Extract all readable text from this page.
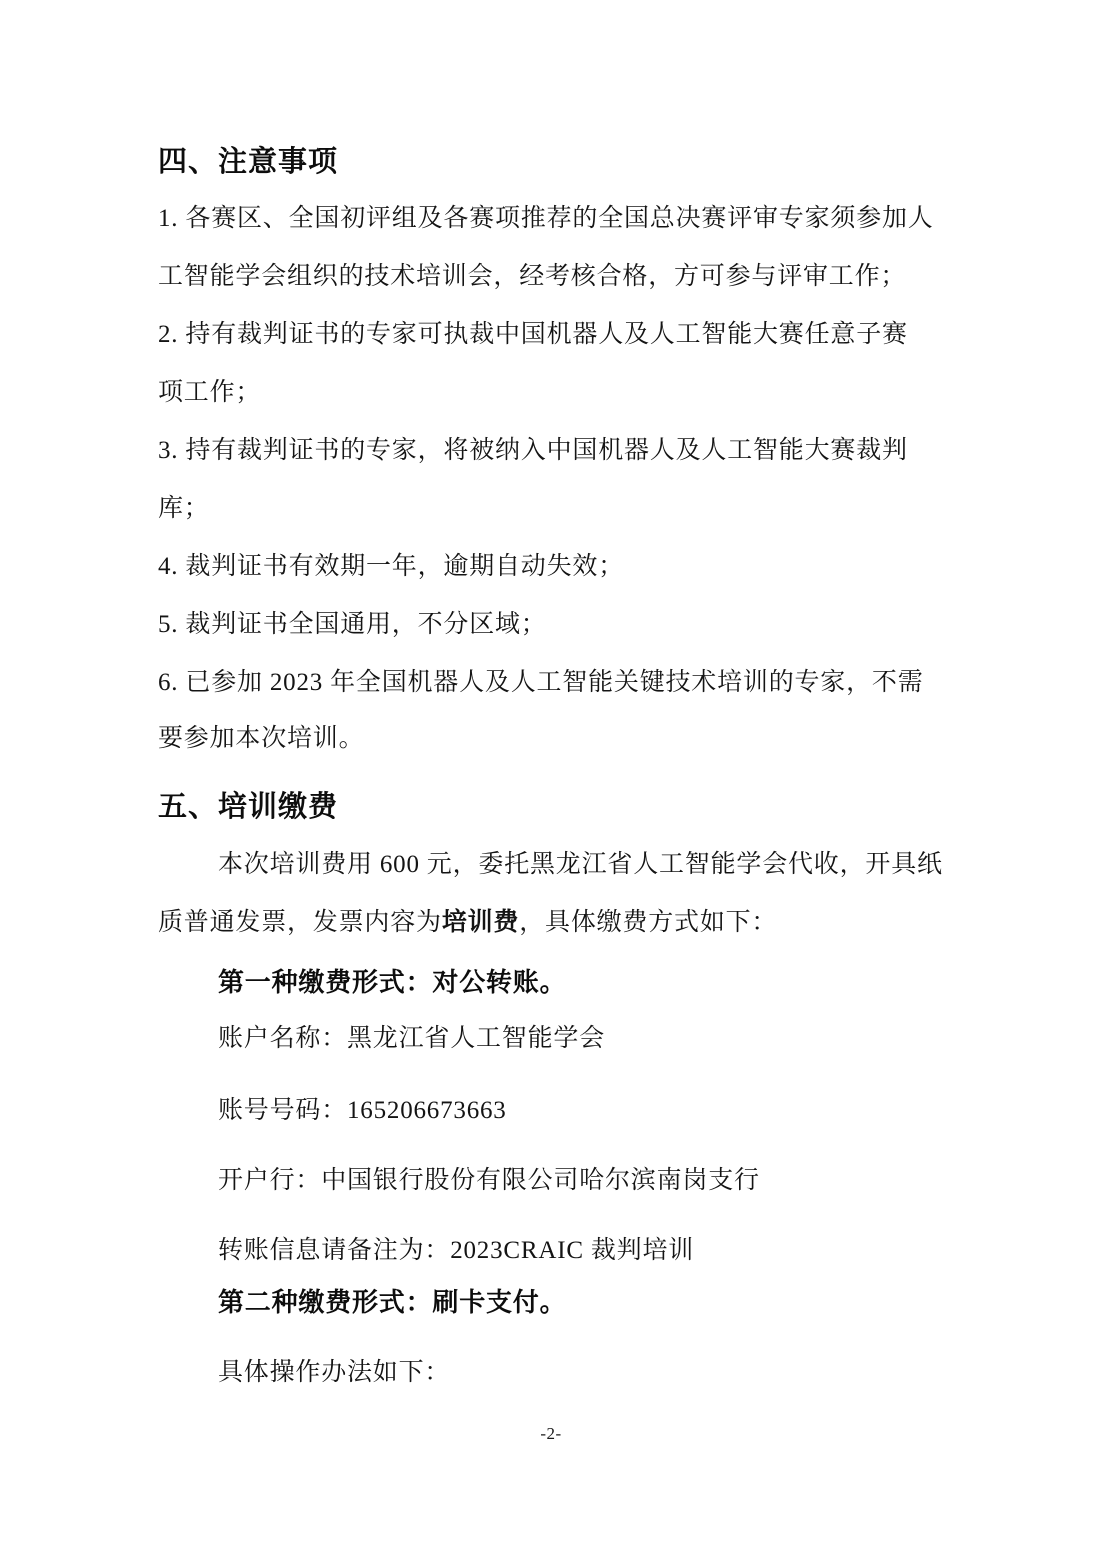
四、注意事项
1. 各赛区、全国初评组及各赛项推荐的全国总决赛评审专家须参加人
工智能学会组织的技术培训会，经考核合格，方可参与评审工作；
2. 持有裁判证书的专家可执裁中国机器人及人工智能大赛任意子赛
项工作；
3. 持有裁判证书的专家，将被纳入中国机器人及人工智能大赛裁判
库；
4. 裁判证书有效期一年，逾期自动失效；
5. 裁判证书全国通用，不分区域；
6. 已参加 2023 年全国机器人及人工智能关键技术培训的专家，不需
要参加本次培训。
五、培训缴费
本次培训费用 600 元，委托黑龙江省人工智能学会代收，开具纸
质普通发票，发票内容为培训费，具体缴费方式如下：
第一种缴费形式：对公转账。
账户名称：黑龙江省人工智能学会
账号号码：165206673663
开户行：中国银行股份有限公司哈尔滨南岗支行
转账信息请备注为：2023CRAIC 裁判培训
第二种缴费形式：刷卡支付。
具体操作办法如下：
-2-
